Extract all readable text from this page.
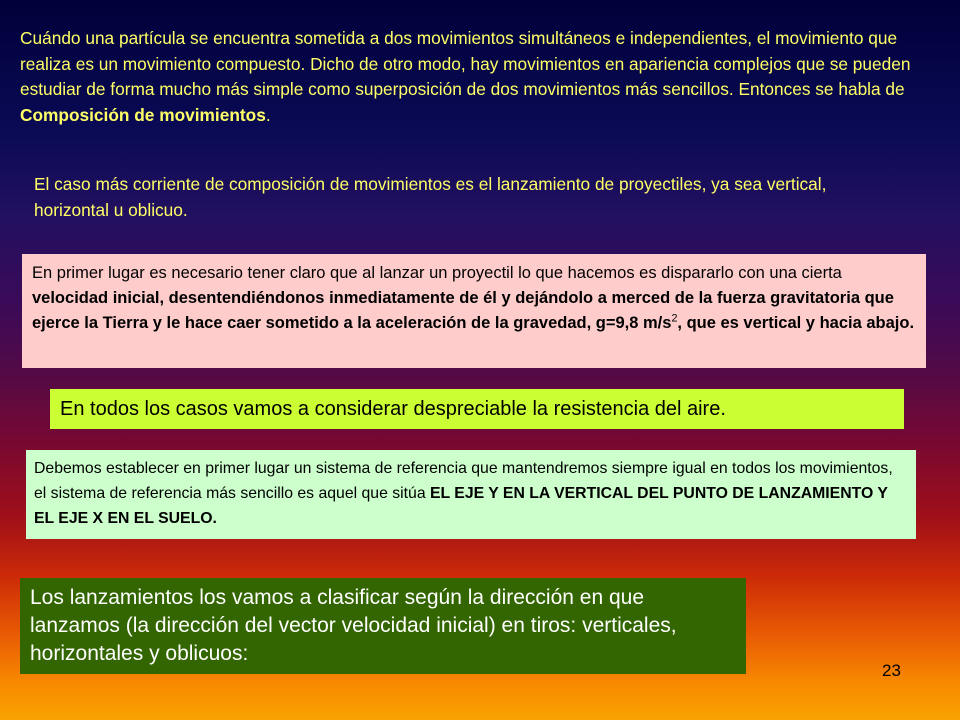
Cuándo una partícula se encuentra sometida a dos movimientos simultáneos e independientes, el movimiento que realiza es un movimiento compuesto. Dicho de otro modo, hay movimientos en apariencia complejos que se pueden estudiar de forma mucho más simple como superposición de dos movimientos más sencillos. Entonces se habla de Composición de movimientos.

El caso más corriente de composición de movimientos es el lanzamiento de proyectiles, ya sea vertical, horizontal u oblicuo.

En primer lugar es necesario tener claro que al lanzar un proyectil lo que hacemos es dispararlo con una cierta velocidad inicial, desentendiéndonos inmediatamente de él y dejándolo a merced de la fuerza gravitatoria que ejerce la Tierra y le hace caer sometido a la aceleración de la gravedad, g=9,8 $m/s^2$, que es vertical y hacia abajo.
En todos los casos vamos a considerar despreciable la resistencia del aire.
Debemos establecer en primer lugar un sistema de referencia que mantendremos siempre igual en todos los movimientos, el sistema de referencia más sencillo es aquel que sitúa EL EJE Y EN LA VERTICAL DEL PUNTO DE LANZAMIENTO Y EL EJE X EN EL SUELO.
Los lanzamientos los vamos a clasificar según la dirección en que lanzamos (la dirección del vector velocidad inicial) en tiros: verticales, horizontales y oblicuos:
23
